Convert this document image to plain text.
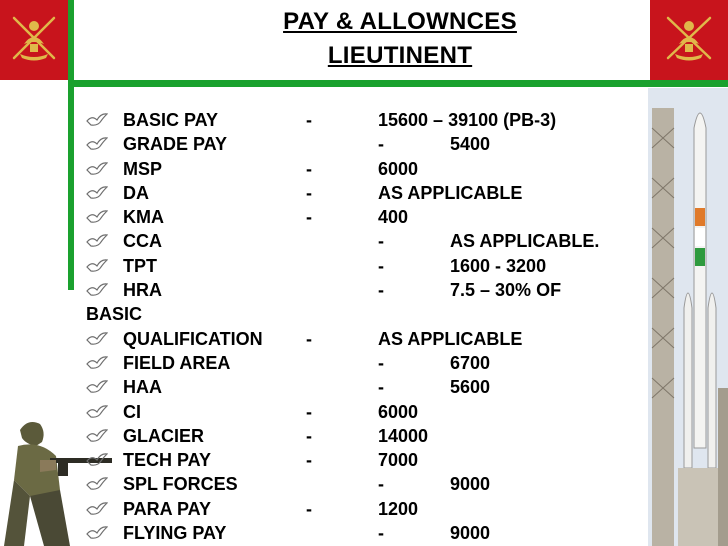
PAY & ALLOWNCES
LIEUTINENT
BASIC PAY	-	15600 – 39100 (PB-3)
GRADE PAY	-	5400
MSP	-	6000
DA	-	AS APPLICABLE
KMA	-	400
CCA	-	AS APPLICABLE.
TPT	-	1600 - 3200
HRA	-	7.5 – 30% OF
BASIC
QUALIFICATION -	AS APPLICABLE
FIELD AREA	-	6700
HAA	-	5600
CI	-	6000
GLACIER	-	14000
TECH PAY	-	7000
SPL FORCES	-	9000
PARA PAY	-	1200
FLYING PAY	-	9000
